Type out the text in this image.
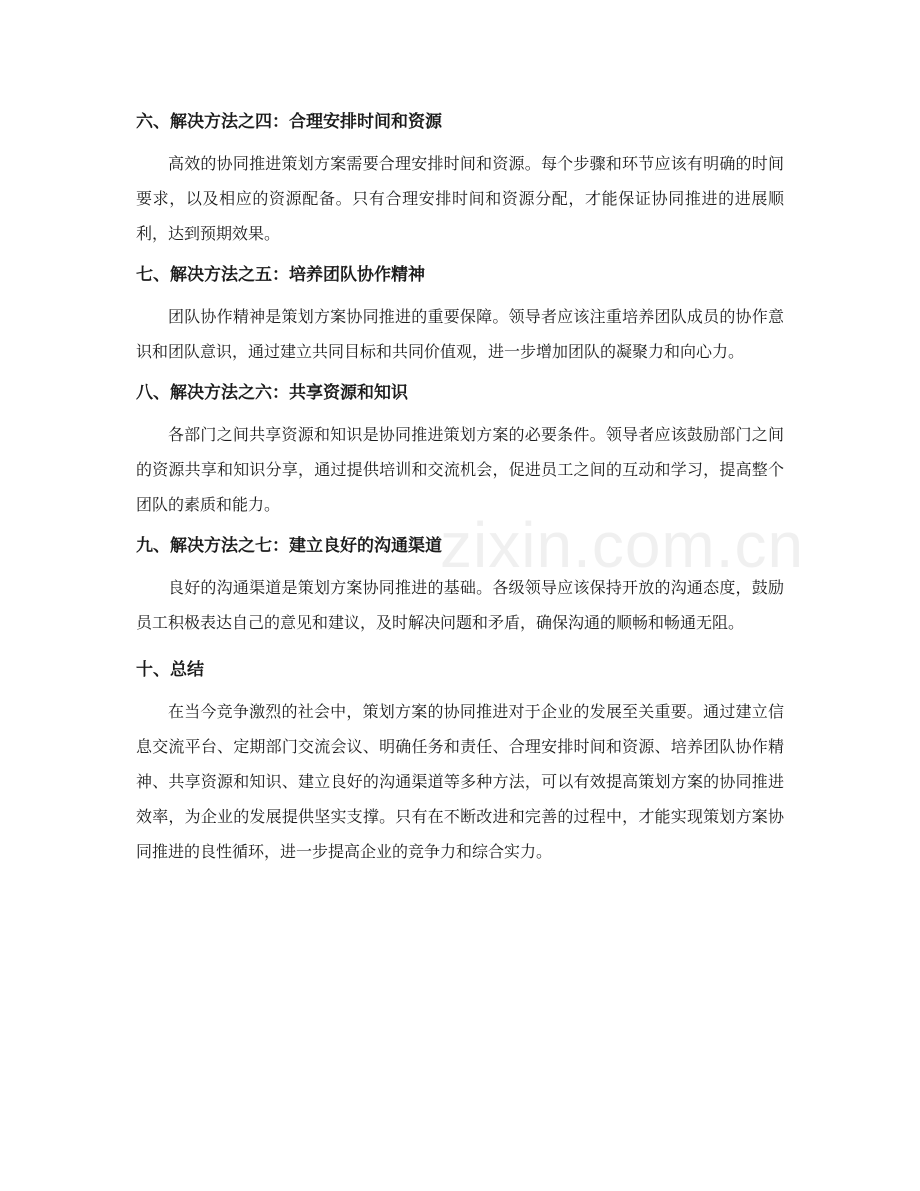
六、解决方法之四：合理安排时间和资源

高效的协同推进策划方案需要合理安排时间和资源。每个步骤和环节应该有明确的时间要求，以及相应的资源配备。只有合理安排时间和资源分配，才能保证协同推进的进展顺利，达到预期效果。

七、解决方法之五：培养团队协作精神

团队协作精神是策划方案协同推进的重要保障。领导者应该注重培养团队成员的协作意识和团队意识，通过建立共同目标和共同价值观，进一步增加团队的凝聚力和向心力。

八、解决方法之六：共享资源和知识

各部门之间共享资源和知识是协同推进策划方案的必要条件。领导者应该鼓励部门之间的资源共享和知识分享，通过提供培训和交流机会，促进员工之间的互动和学习，提高整个团队的素质和能力。

九、解决方法之七：建立良好的沟通渠道

良好的沟通渠道是策划方案协同推进的基础。各级领导应该保持开放的沟通态度，鼓励员工积极表达自己的意见和建议，及时解决问题和矛盾，确保沟通的顺畅和畅通无阻。

十、总结

在当今竞争激烈的社会中，策划方案的协同推进对于企业的发展至关重要。通过建立信息交流平台、定期部门交流会议、明确任务和责任、合理安排时间和资源、培养团队协作精神、共享资源和知识、建立良好的沟通渠道等多种方法，可以有效提高策划方案的协同推进效率，为企业的发展提供坚实支撑。只有在不断改进和完善的过程中，才能实现策划方案协同推进的良性循环，进一步提高企业的竞争力和综合实力。

zixin.com.cn
